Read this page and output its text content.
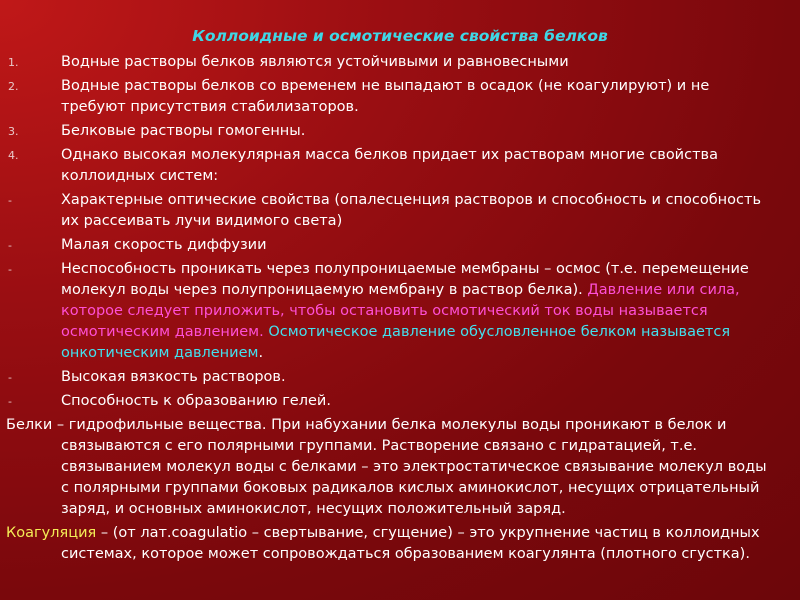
Коллоидные и осмотические свойства белков
1.	Водные растворы белков являются устойчивыми и равновесными
2.	Водные растворы белков со временем не выпадают в осадок (не коагулируют) и не требуют присутствия стабилизаторов.
3.	Белковые растворы гомогенны.
4.	Однако высокая молекулярная масса белков придает их растворам многие свойства коллоидных систем:
-	Характерные оптические свойства (опалесценция растворов и способность и способность их рассеивать лучи видимого света)
-	Малая скорость диффузии
-	Неспособность проникать через полупроницаемые мембраны – осмос (т.е. перемещение молекул воды через полупроницаемую мембрану в раствор белка). Давление или сила, которое следует приложить, чтобы остановить осмотический ток воды называется осмотическим давлением. Осмотическое давление обусловленное белком называется онкотическим давлением.
-	Высокая вязкость растворов.
-	Способность к образованию гелей.
Белки – гидрофильные вещества. При набухании белка молекулы воды проникают в белок и связываются с его полярными группами. Растворение связано с гидратацией, т.е. связыванием молекул воды с белками – это электростатическое связывание молекул воды с полярными группами боковых радикалов кислых аминокислот, несущих отрицательный заряд, и основных аминокислот, несущих положительный заряд.
Коагуляция – (от лат.coagulatio – свертывание, сгущение) – это укрупнение частиц в коллоидных системах, которое может сопровождаться образованием коагулянта (плотного сгустка).
